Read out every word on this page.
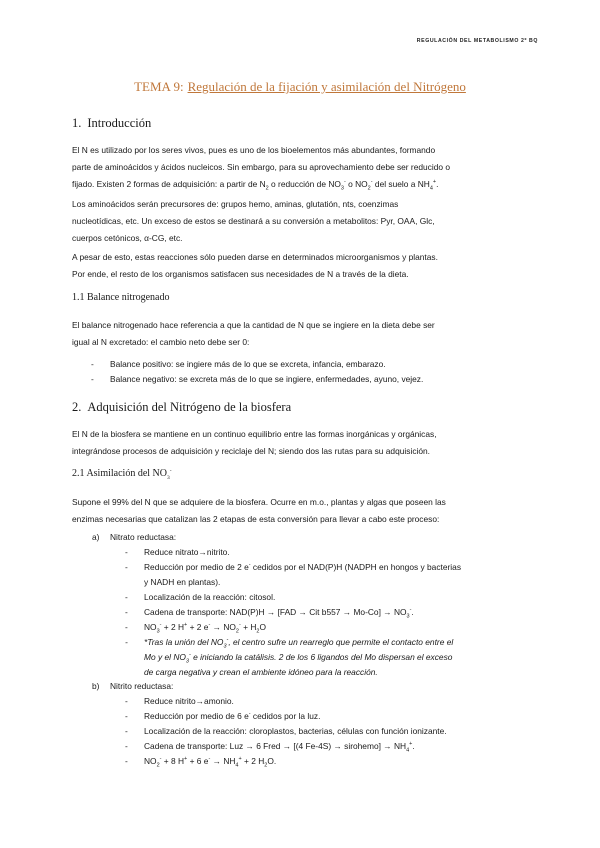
REGULACIÓN DEL METABOLISMO 2º BQ
TEMA 9: Regulación de la fijación y asimilación del Nitrógeno
1. Introducción
El N es utilizado por los seres vivos, pues es uno de los bioelementos más abundantes, formando
parte de aminoácidos y ácidos nucleicos. Sin embargo, para su aprovechamiento debe ser reducido o
fijado. Existen 2 formas de adquisición: a partir de $N_2$ o reducción de $NO_3^-$ o $NO_2^-$ del suelo a $NH_4^+$.
Los aminoácidos serán precursores de: grupos hemo, aminas, glutatión, nts, coenzimas
nucleotídicas, etc. Un exceso de estos se destinará a su conversión a metabolitos: Pyr, OAA, Glc,
cuerpos cetónicos, α-CG, etc.
A pesar de esto, estas reacciones sólo pueden darse en determinados microorganismos y plantas.
Por ende, el resto de los organismos satisfacen sus necesidades de N a través de la dieta.
1.1 Balance nitrogenado
El balance nitrogenado hace referencia a que la cantidad de N que se ingiere en la dieta debe ser
igual al N excretado: el cambio neto debe ser 0:
- Balance positivo: se ingiere más de lo que se excreta, infancia, embarazo.
- Balance negativo: se excreta más de lo que se ingiere, enfermedades, ayuno, vejez.
2. Adquisición del Nitrógeno de la biosfera
El N de la biosfera se mantiene en un continuo equilibrio entre las formas inorgánicas y orgánicas,
integrándose procesos de adquisición y reciclaje del N; siendo dos las rutas para su adquisición.
2.1 Asimilación del $NO_3^-$
Supone el 99% del N que se adquiere de la biosfera. Ocurre en m.o., plantas y algas que poseen las
enzimas necesarias que catalizan las 2 etapas de esta conversión para llevar a cabo este proceso:
a) Nitrato reductasa:
- Reduce nitrato→nitrito.
- Reducción por medio de 2 e- cedidos por el NAD(P)H (NADPH en hongos y bacterias
y NADH en plantas).
- Localización de la reacción: citosol.
- Cadena de transporte: NAD(P)H → [FAD → Cit $b557 \to Mo-Co] \to NO_3^-$.
- $NO_3^- + 2$ H+ + 2 $e^- \to NO_2^- + H_2O$
- *Tras la unión del $NO_3^-$, el centro sufre un rearreglo que permite el contacto entre el
Mo y el $NO_3^-$ e iniciando la catálisis. 2 de los 6 ligandos del Mo dispersan el exceso
de carga negativa y crean el ambiente idóneo para la reacción.
b) Nitrito reductasa:
- Reduce nitrito→amonio.
- Reducción por medio de 6 e- cedidos por la luz.
- Localización de la reacción: cloroplastos, bacterias, células con función ionizante.
- Cadena de transporte: Luz → 6 Fred → [(4 Fe-4S) → sirohemo] → $NH_4^+$.
- $NO_2^- + 8$ H+ + 6 $e^- \to NH_4^+ + 2$ $H_2O$.
